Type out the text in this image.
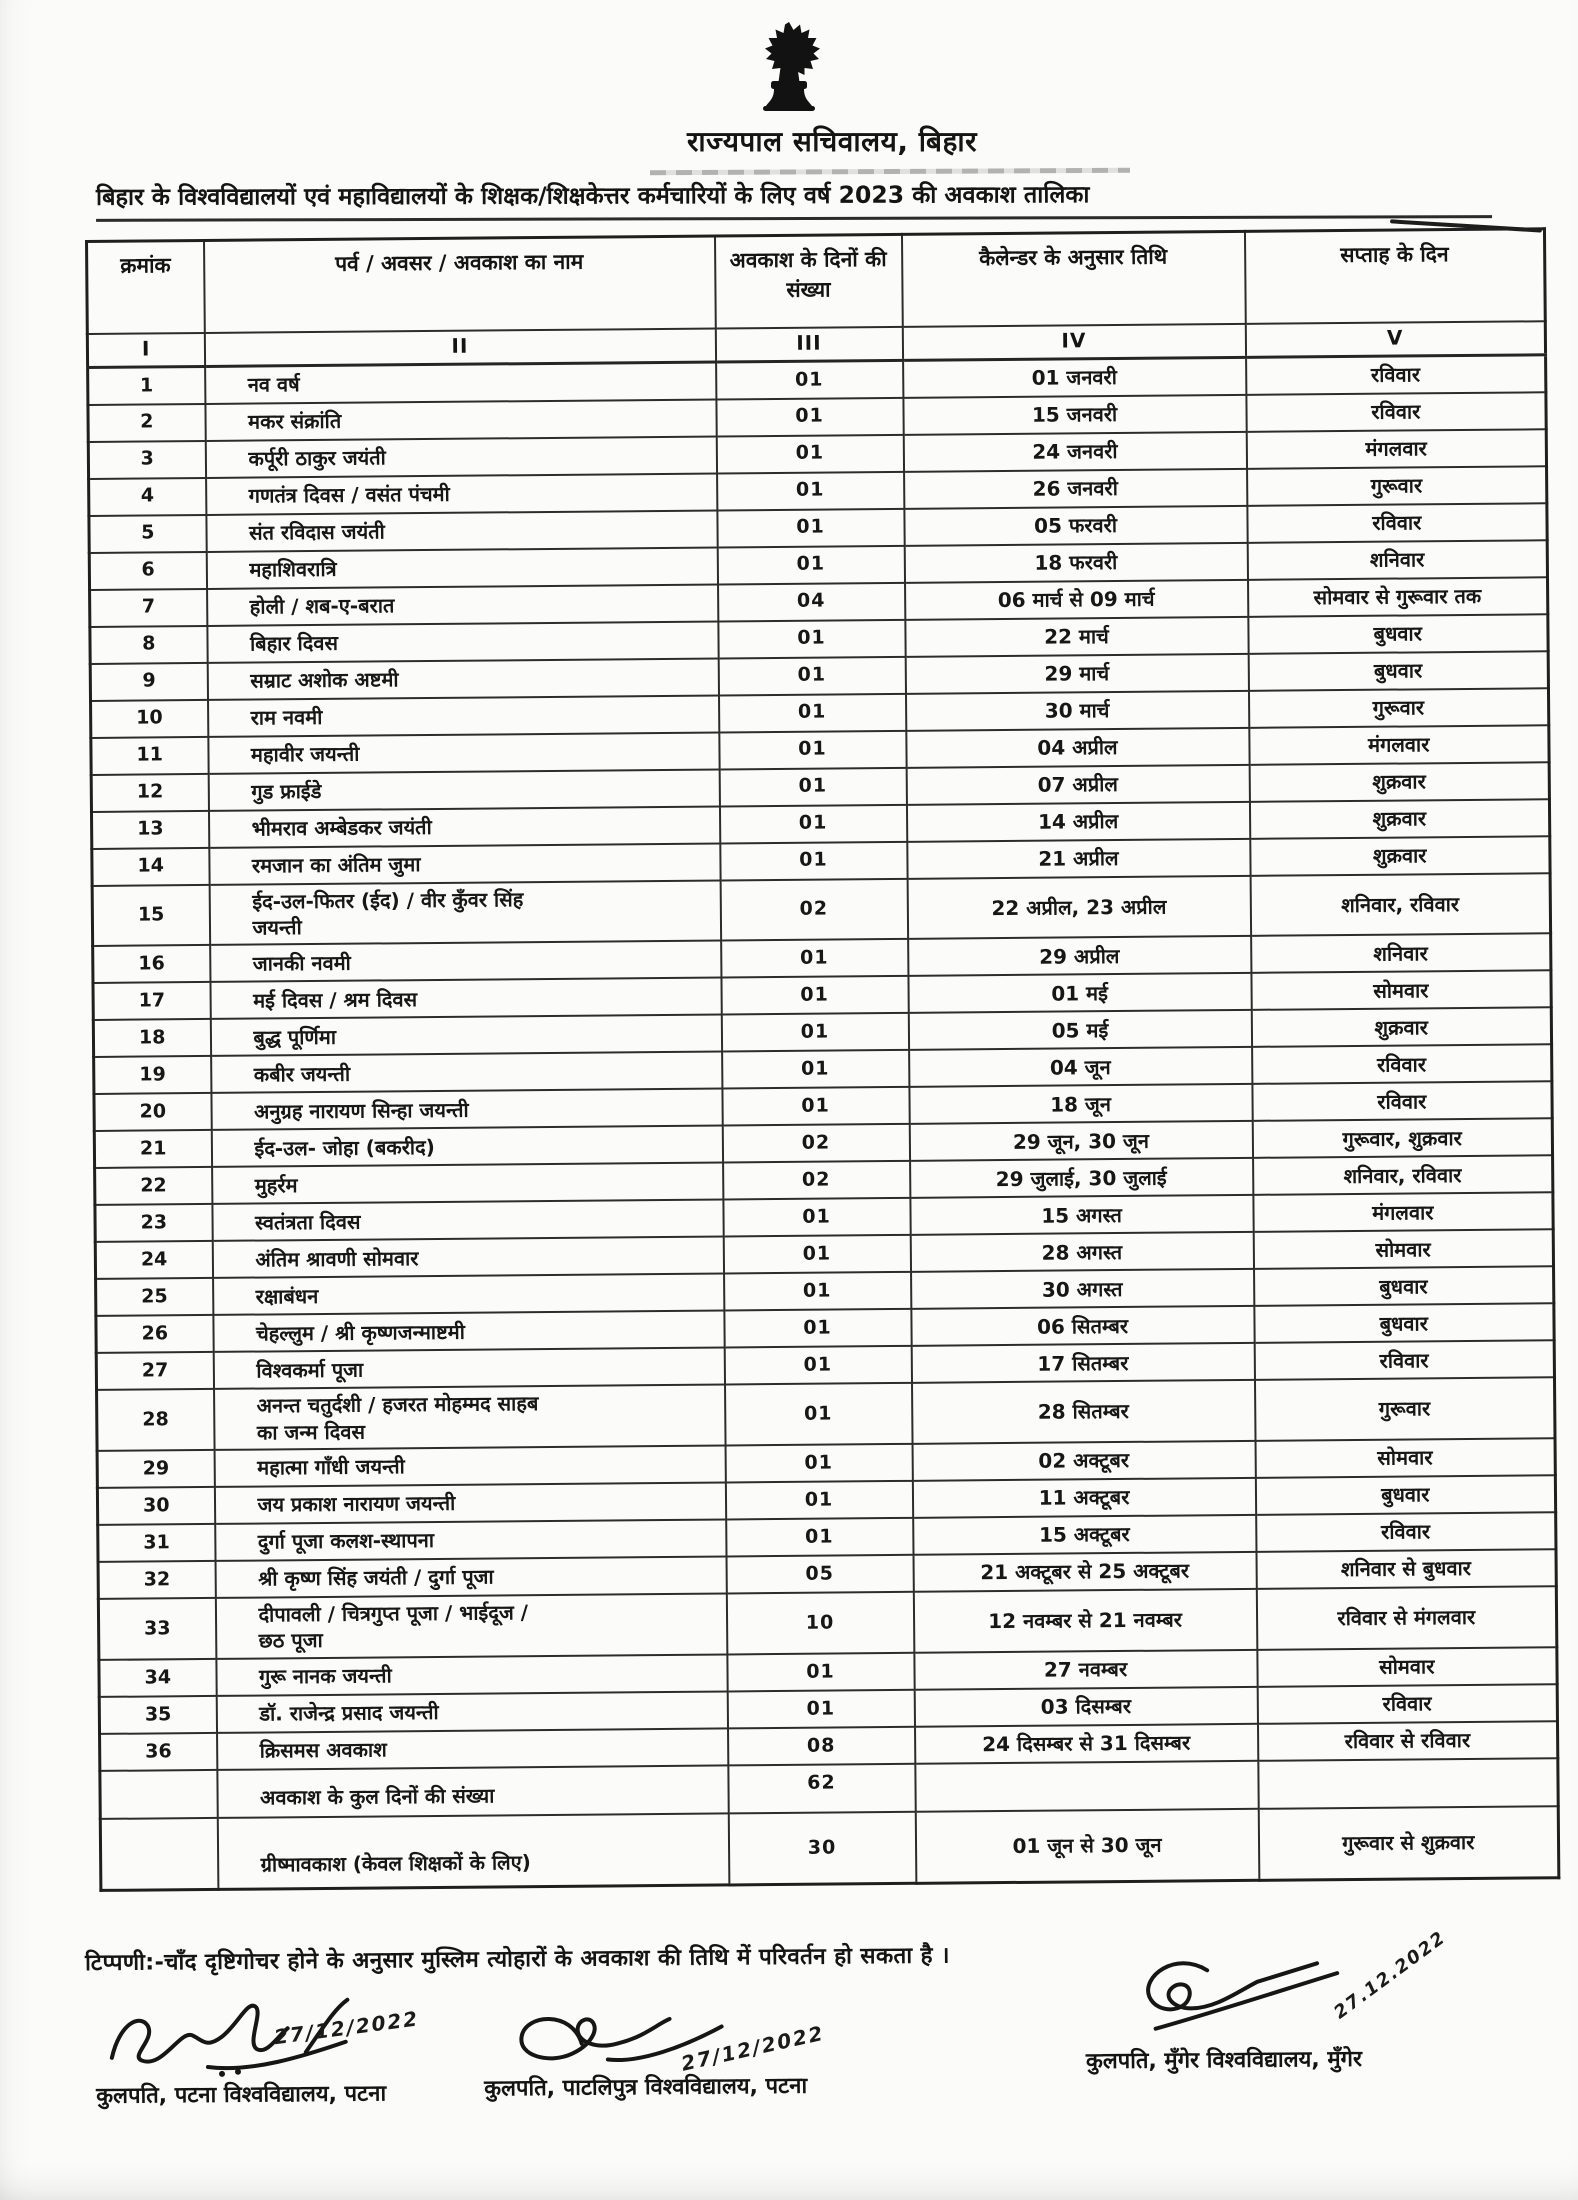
राज्यपाल सचिवालय, बिहार
बिहार के विश्वविद्यालयों एवं महाविद्यालयों के शिक्षक/शिक्षकेत्तर कर्मचारियों के लिए वर्ष 2023 की अवकाश तालिका
क्रमांक	पर्व / अवसर / अवकाश का नाम	अवकाश के दिनों की संख्या	कैलेन्डर के अनुसार तिथि	सप्ताह के दिन
I	II	III	IV	V
1	नव वर्ष	01	01 जनवरी	रविवार
2	मकर संक्रांति	01	15 जनवरी	रविवार
3	कर्पूरी ठाकुर जयंती	01	24 जनवरी	मंगलवार
4	गणतंत्र दिवस / वसंत पंचमी	01	26 जनवरी	गुरूवार
5	संत रविदास जयंती	01	05 फरवरी	रविवार
6	महाशिवरात्रि	01	18 फरवरी	शनिवार
7	होली / शब-ए-बरात	04	06 मार्च से 09 मार्च	सोमवार से गुरूवार तक
8	बिहार दिवस	01	22 मार्च	बुधवार
9	सम्राट अशोक अष्टमी	01	29 मार्च	बुधवार
10	राम नवमी	01	30 मार्च	गुरूवार
11	महावीर जयन्ती	01	04 अप्रील	मंगलवार
12	गुड फ्राईडे	01	07 अप्रील	शुक्रवार
13	भीमराव अम्बेडकर जयंती	01	14 अप्रील	शुक्रवार
14	रमजान का अंतिम जुमा	01	21 अप्रील	शुक्रवार
15	ईद-उल-फितर (ईद) / वीर कुँवर सिंह
जयन्ती	02	22 अप्रील, 23 अप्रील	शनिवार, रविवार
16	जानकी नवमी	01	29 अप्रील	शनिवार
17	मई दिवस / श्रम दिवस	01	01 मई	सोमवार
18	बुद्ध पूर्णिमा	01	05 मई	शुक्रवार
19	कबीर जयन्ती	01	04 जून	रविवार
20	अनुग्रह नारायण सिन्हा जयन्ती	01	18 जून	रविवार
21	ईद-उल- जोहा (बकरीद)	02	29 जून, 30 जून	गुरूवार, शुक्रवार
22	मुहर्रम	02	29 जुलाई, 30 जुलाई	शनिवार, रविवार
23	स्वतंत्रता दिवस	01	15 अगस्त	मंगलवार
24	अंतिम श्रावणी सोमवार	01	28 अगस्त	सोमवार
25	रक्षाबंधन	01	30 अगस्त	बुधवार
26	चेहल्लुम / श्री कृष्णजन्माष्टमी	01	06 सितम्बर	बुधवार
27	विश्वकर्मा पूजा	01	17 सितम्बर	रविवार
28	अनन्त चतुर्दशी / हजरत मोहम्मद साहब
का जन्म दिवस	01	28 सितम्बर	गुरूवार
29	महात्मा गाँधी जयन्ती	01	02 अक्टूबर	सोमवार
30	जय प्रकाश नारायण जयन्ती	01	11 अक्टूबर	बुधवार
31	दुर्गा पूजा कलश-स्थापना	01	15 अक्टूबर	रविवार
32	श्री कृष्ण सिंह जयंती / दुर्गा पूजा	05	21 अक्टूबर से 25 अक्टूबर	शनिवार से बुधवार
33	दीपावली / चित्रगुप्त पूजा / भाईदूज /
छठ पूजा	10	12 नवम्बर से 21 नवम्बर	रविवार से मंगलवार
34	गुरू नानक जयन्ती	01	27 नवम्बर	सोमवार
35	डॉ. राजेन्द्र प्रसाद जयन्ती	01	03 दिसम्बर	रविवार
36	क्रिसमस अवकाश	08	24 दिसम्बर से 31 दिसम्बर	रविवार से रविवार
	अवकाश के कुल दिनों की संख्या	62		
	ग्रीष्मावकाश (केवल शिक्षकों के लिए)	30	01 जून से 30 जून	गुरूवार से शुक्रवार
टिप्पणी:-चाँद दृष्टिगोचर होने के अनुसार मुस्लिम त्योहारों के अवकाश की तिथि में परिवर्तन हो सकता है ।
27/12/2022
कुलपति, पटना विश्वविद्यालय, पटना
27/12/2022
कुलपति, पाटलिपुत्र विश्वविद्यालय, पटना
27.12.2022
कुलपति, मुँगेर विश्वविद्यालय, मुँगेर
